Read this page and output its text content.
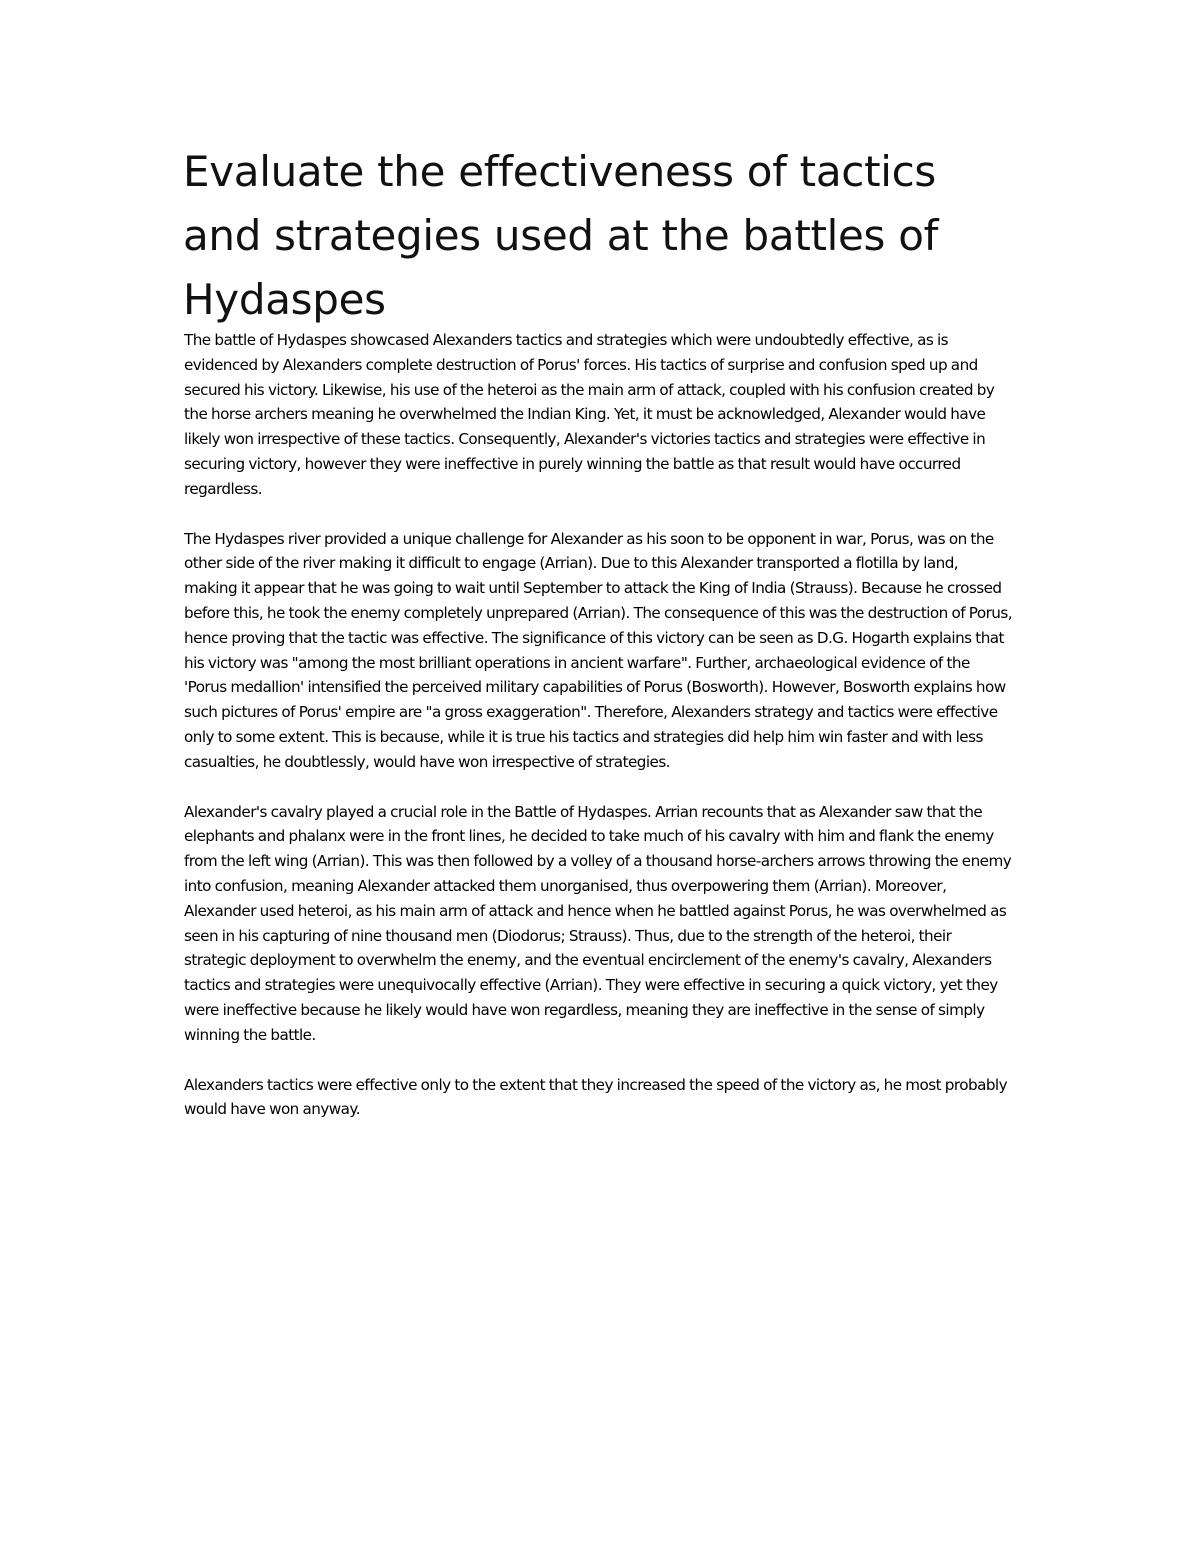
Evaluate the effectiveness of tactics and strategies used at the battles of Hydaspes

The battle of Hydaspes showcased Alexanders tactics and strategies which were undoubtedly effective, as is evidenced by Alexanders complete destruction of Porus' forces. His tactics of surprise and confusion sped up and secured his victory. Likewise, his use of the heteroi as the main arm of attack, coupled with his confusion created by the horse archers meaning he overwhelmed the Indian King. Yet, it must be acknowledged, Alexander would have likely won irrespective of these tactics. Consequently, Alexander's victories tactics and strategies were effective in securing victory, however they were ineffective in purely winning the battle as that result would have occurred regardless.

The Hydaspes river provided a unique challenge for Alexander as his soon to be opponent in war, Porus, was on the other side of the river making it difficult to engage (Arrian). Due to this Alexander transported a flotilla by land, making it appear that he was going to wait until September to attack the King of India (Strauss). Because he crossed before this, he took the enemy completely unprepared (Arrian). The consequence of this was the destruction of Porus, hence proving that the tactic was effective. The significance of this victory can be seen as D.G. Hogarth explains that his victory was "among the most brilliant operations in ancient warfare". Further, archaeological evidence of the 'Porus medallion' intensified the perceived military capabilities of Porus (Bosworth). However, Bosworth explains how such pictures of Porus' empire are "a gross exaggeration". Therefore, Alexanders strategy and tactics were effective only to some extent. This is because, while it is true his tactics and strategies did help him win faster and with less casualties, he doubtlessly, would have won irrespective of strategies.

Alexander's cavalry played a crucial role in the Battle of Hydaspes. Arrian recounts that as Alexander saw that the elephants and phalanx were in the front lines, he decided to take much of his cavalry with him and flank the enemy from the left wing (Arrian). This was then followed by a volley of a thousand horse-archers arrows throwing the enemy into confusion, meaning Alexander attacked them unorganised, thus overpowering them (Arrian). Moreover, Alexander used heteroi, as his main arm of attack and hence when he battled against Porus, he was overwhelmed as seen in his capturing of nine thousand men (Diodorus; Strauss). Thus, due to the strength of the heteroi, their strategic deployment to overwhelm the enemy, and the eventual encirclement of the enemy's cavalry, Alexanders tactics and strategies were unequivocally effective (Arrian). They were effective in securing a quick victory, yet they were ineffective because he likely would have won regardless, meaning they are ineffective in the sense of simply winning the battle.

Alexanders tactics were effective only to the extent that they increased the speed of the victory as, he most probably would have won anyway.
